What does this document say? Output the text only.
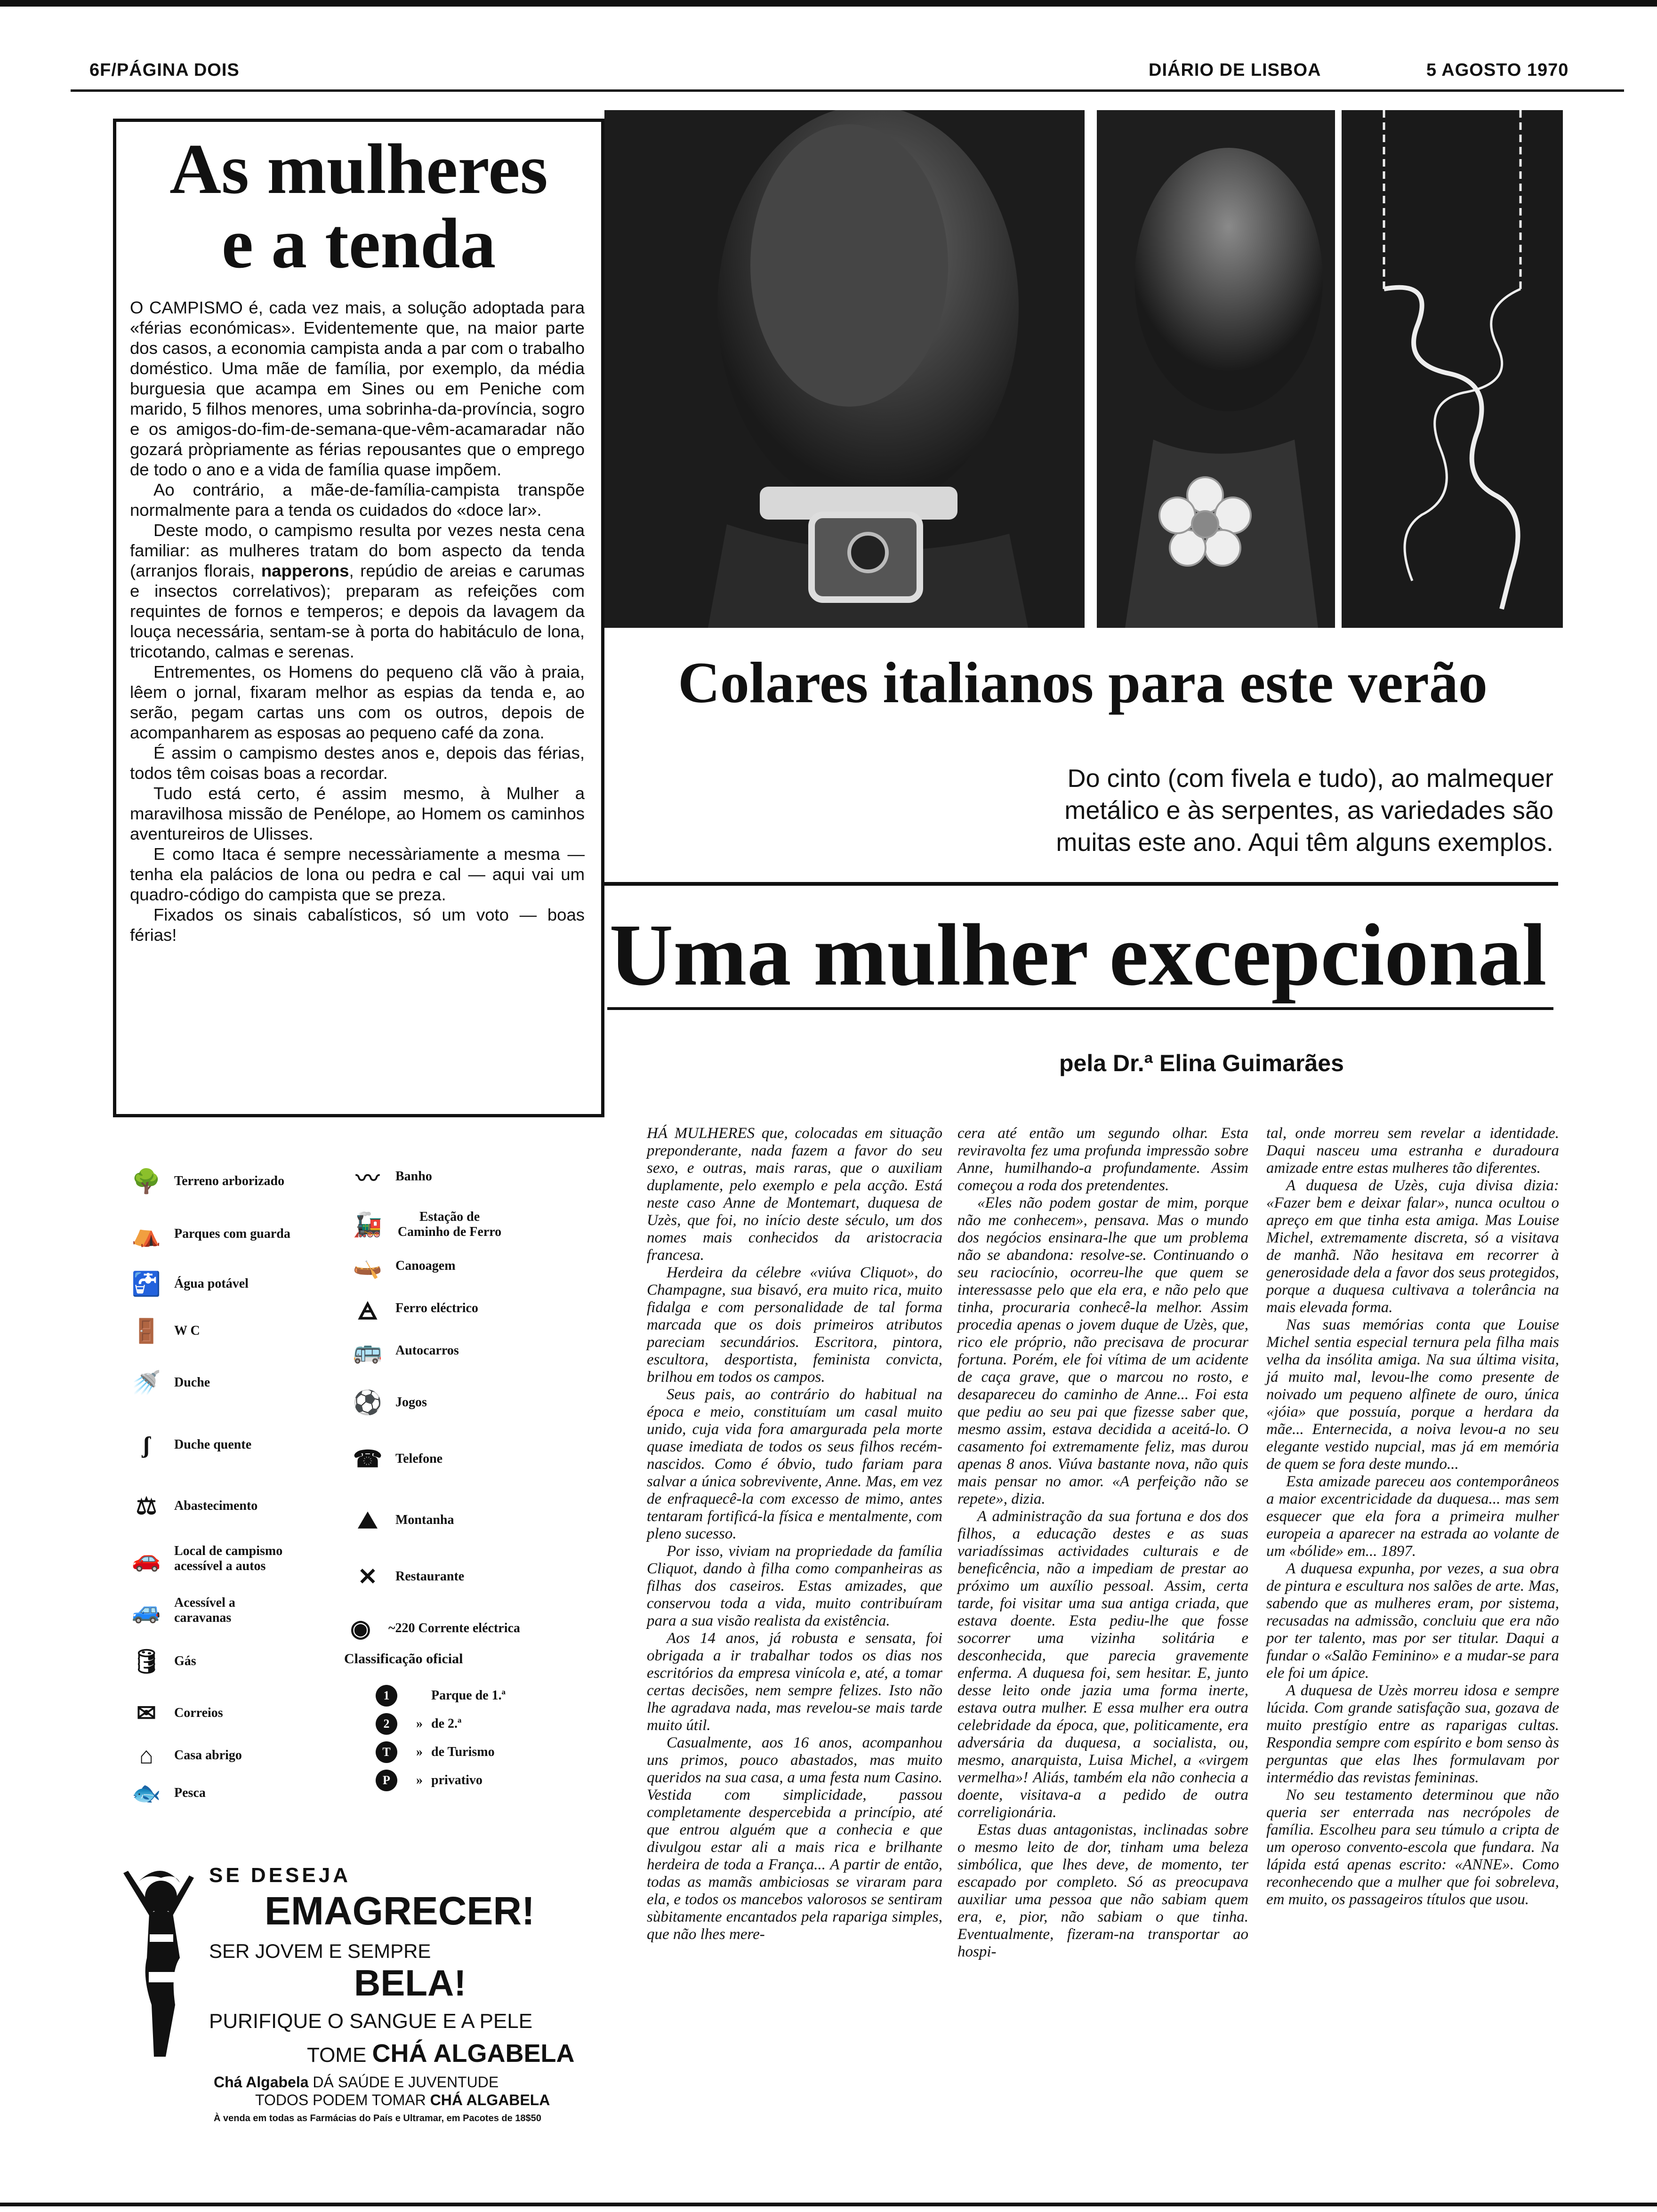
6F/PÁGINA DOIS	DIÁRIO DE LISBOA	5 AGOSTO 1970
As mulheres
e a tenda

O CAMPISMO é, cada vez mais, a solução adoptada para «férias económicas». Evidentemente que, na maior parte dos casos, a economia campista anda a par com o trabalho doméstico. Uma mãe de família, por exemplo, da média burguesia que acampa em Sines ou em Peniche com marido, 5 filhos menores, uma sobrinha-da-província, sogro e os amigos-do-fim-de-semana-que-vêm-acamaradar não gozará pròpriamente as férias repousantes que o emprego de todo o ano e a vida de família quase impõem.

Ao contrário, a mãe-de-família-campista transpõe normalmente para a tenda os cuidados do «doce lar».

Deste modo, o campismo resulta por vezes nesta cena familiar: as mulheres tratam do bom aspecto da tenda (arranjos florais, napperons, repúdio de areias e carumas e insectos correlativos); preparam as refeições com requintes de fornos e temperos; e depois da lavagem da louça necessária, sentam-se à porta do habitáculo de lona, tricotando, calmas e serenas.

Entrementes, os Homens do pequeno clã vão à praia, lêem o jornal, fixaram melhor as espias da tenda e, ao serão, pegam cartas uns com os outros, depois de acompanharem as esposas ao pequeno café da zona.

É assim o campismo destes anos e, depois das férias, todos têm coisas boas a recordar.

Tudo está certo, é assim mesmo, à Mulher a maravilhosa missão de Penélope, ao Homem os caminhos aventureiros de Ulisses.

E como Itaca é sempre necessàriamente a mesma — tenha ela palácios de lona ou pedra e cal — aqui vai um quadro-código do campista que se preza.

Fixados os sinais cabalísticos, só um voto — boas férias!

🌳 Terreno arborizado
⛺ Parques com guarda
🚰 Água potável
🚪 W C
🚿 Duche
ʃ	Duche quente
⚖	Abastecimento
🚗 Local de campismo acessível a autos
🚙 Acessível a caravanas
🛢 Gás
✉	Correios
⌂	Casa abrigo
🐟 Pesca
〰	Banho
🚂	Estação de Caminho de Ferro
🛶 Canoagem
🜁	Ferro eléctrico
🚌 Autocarros
⚽ Jogos
☎ Telefone
⛰	Montanha
✕	Restaurante
◉	~220 Corrente eléctrica
Classificação oficial
1	Parque de 1.ª
2	» de 2.ª
T	» de Turismo
P	» privativo
SE DESEJA
EMAGRECER!
SER JOVEM E SEMPRE
BELA!
PURIFIQUE O SANGUE E A PELE
TOME CHÁ ALGABELA
Chá Algabela DÁ SAÚDE E JUVENTUDE
TODOS PODEM TOMAR CHÁ ALGABELA
À venda em todas as Farmácias do País e Ultramar, em Pacotes de 18$50
Colares italianos para este verão
Do cinto (com fivela e tudo), ao malmequer
metálico e às serpentes, as variedades são
muitas este ano. Aqui têm alguns exemplos.
Uma mulher excepcional
pela Dr.ª Elina Guimarães

HÁ MULHERES que, colocadas em situação preponderante, nada fazem a favor do seu sexo, e outras, mais raras, que o auxiliam duplamente, pelo exemplo e pela acção. Está neste caso Anne de Montemart, duquesa de Uzès, que foi, no início deste século, um dos nomes mais conhecidos da aristocracia francesa.

Herdeira da célebre «viúva Cliquot», do Champagne, sua bisavó, era muito rica, muito fidalga e com personalidade de tal forma marcada que os dois primeiros atributos pareciam secundários. Escritora, pintora, escultora, desportista, feminista convicta, brilhou em todos os campos.

Seus pais, ao contrário do habitual na época e meio, constituíam um casal muito unido, cuja vida fora amargurada pela morte quase imediata de todos os seus filhos recém-nascidos. Como é óbvio, tudo fariam para salvar a única sobrevivente, Anne. Mas, em vez de enfraquecê-la com excesso de mimo, antes tentaram fortificá-la física e mentalmente, com pleno sucesso.

Por isso, viviam na propriedade da família Cliquot, dando à filha como companheiras as filhas dos caseiros. Estas amizades, que conservou toda a vida, muito contribuíram para a sua visão realista da existência.

Aos 14 anos, já robusta e sensata, foi obrigada a ir trabalhar todos os dias nos escritórios da empresa vinícola e, até, a tomar certas decisões, nem sempre felizes. Isto não lhe agradava nada, mas revelou-se mais tarde muito útil.

Casualmente, aos 16 anos, acompanhou uns primos, pouco abastados, mas muito queridos na sua casa, a uma festa num Casino. Vestida com simplicidade, passou completamente despercebida a princípio, até que entrou alguém que a conhecia e que divulgou estar ali a mais rica e brilhante herdeira de toda a França... A partir de então, todas as mamãs ambiciosas se viraram para ela, e todos os mancebos valorosos se sentiram sùbitamente encantados pela rapariga simples, que não lhes mere-

cera até então um segundo olhar. Esta reviravolta fez uma profunda impressão sobre Anne, humilhando-a profundamente. Assim começou a roda dos pretendentes.

«Eles não podem gostar de mim, porque não me conhecem», pensava. Mas o mundo dos negócios ensinara-lhe que um problema não se abandona: resolve-se. Continuando o seu raciocínio, ocorreu-lhe que quem se interessasse pelo que ela era, e não pelo que tinha, procuraria conhecê-la melhor. Assim procedia apenas o jovem duque de Uzès, que, rico ele próprio, não precisava de procurar fortuna. Porém, ele foi vítima de um acidente de caça grave, que o marcou no rosto, e desapareceu do caminho de Anne... Foi esta que pediu ao seu pai que fizesse saber que, mesmo assim, estava decidida a aceitá-lo. O casamento foi extremamente feliz, mas durou apenas 8 anos. Viúva bastante nova, não quis mais pensar no amor. «A perfeição não se repete», dizia.

A administração da sua fortuna e dos dos filhos, a educação destes e as suas variadíssimas actividades culturais e de beneficência, não a impediam de prestar ao próximo um auxílio pessoal. Assim, certa tarde, foi visitar uma sua antiga criada, que estava doente. Esta pediu-lhe que fosse socorrer uma vizinha solitária e desconhecida, que parecia gravemente enferma. A duquesa foi, sem hesitar. E, junto desse leito onde jazia uma forma inerte, estava outra mulher. E essa mulher era outra celebridade da época, que, politicamente, era adversária da duquesa, a socialista, ou, mesmo, anarquista, Luisa Michel, a «virgem vermelha»! Aliás, também ela não conhecia a doente, visitava-a a pedido de outra correligionária.

Estas duas antagonistas, inclinadas sobre o mesmo leito de dor, tinham uma beleza simbólica, que lhes deve, de momento, ter escapado por completo. Só as preocupava auxiliar uma pessoa que não sabiam quem era, e, pior, não sabiam o que tinha. Eventualmente, fizeram-na transportar ao hospi-

tal, onde morreu sem revelar a identidade. Daqui nasceu uma estranha e duradoura amizade entre estas mulheres tão diferentes.

A duquesa de Uzès, cuja divisa dizia: «Fazer bem e deixar falar», nunca ocultou o apreço em que tinha esta amiga. Mas Louise Michel, extremamente discreta, só a visitava de manhã. Não hesitava em recorrer à generosidade dela a favor dos seus protegidos, porque a duquesa cultivava a tolerância na mais elevada forma.

Nas suas memórias conta que Louise Michel sentia especial ternura pela filha mais velha da insólita amiga. Na sua última visita, já muito mal, levou-lhe como presente de noivado um pequeno alfinete de ouro, única «jóia» que possuía, porque a herdara da mãe... Enternecida, a noiva levou-a no seu elegante vestido nupcial, mas já em memória de quem se fora deste mundo...

Esta amizade pareceu aos contemporâneos a maior excentricidade da duquesa... mas sem esquecer que ela fora a primeira mulher europeia a aparecer na estrada ao volante de um «bólide» em... 1897.

A duquesa expunha, por vezes, a sua obra de pintura e escultura nos salões de arte. Mas, sabendo que as mulheres eram, por sistema, recusadas na admissão, concluiu que era não por ter talento, mas por ser titular. Daqui a fundar o «Salão Feminino» e a mudar-se para ele foi um ápice.

A duquesa de Uzès morreu idosa e sempre lúcida. Com grande satisfação sua, gozava de muito prestígio entre as raparigas cultas. Respondia sempre com espírito e bom senso às perguntas que elas lhes formulavam por intermédio das revistas femininas.

No seu testamento determinou que não queria ser enterrada nas necrópoles de família. Escolheu para seu túmulo a cripta de um operoso convento-escola que fundara. Na lápida está apenas escrito: «ANNE». Como reconhecendo que a mulher que foi sobreleva, em muito, os passageiros títulos que usou.
